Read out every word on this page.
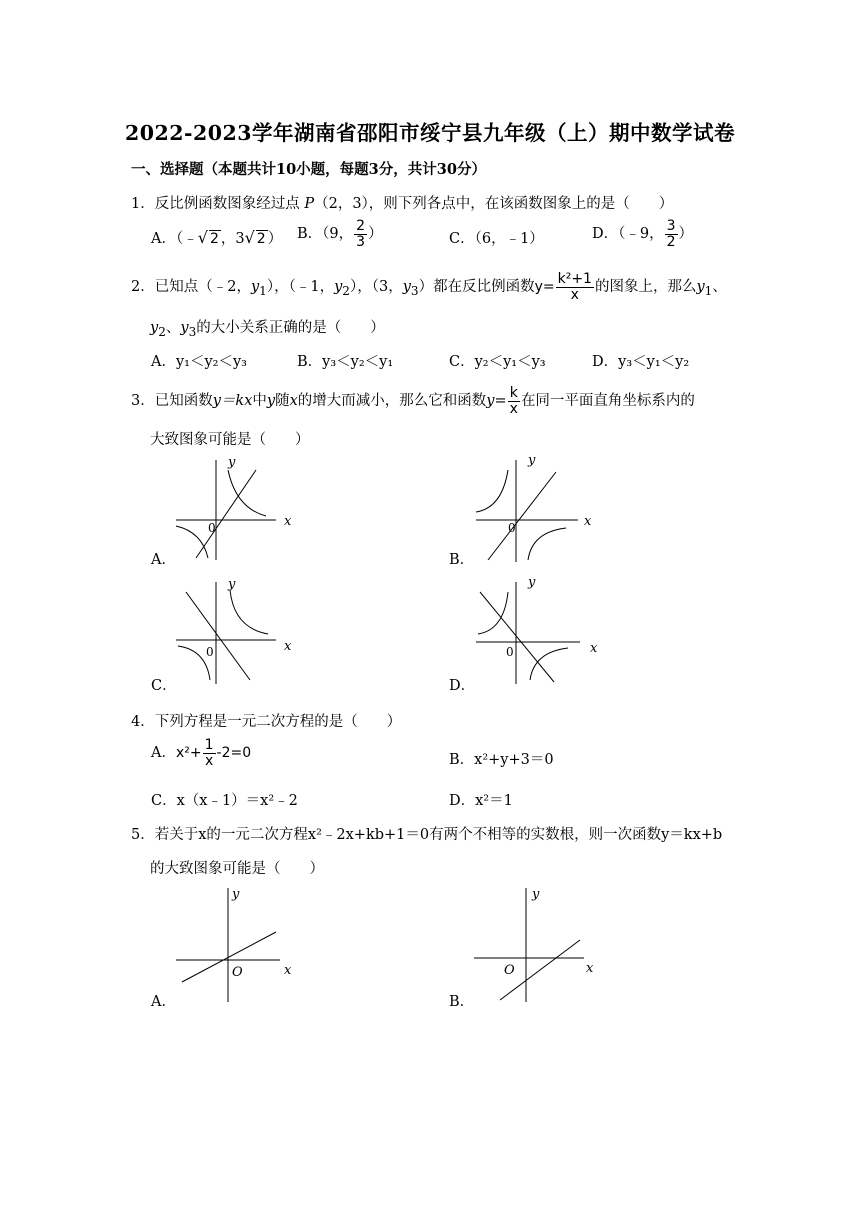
2022-2023学年湖南省邵阳市绥宁县九年级（上）期中数学试卷
一、选择题（本题共计10小题，每题3分，共计30分）
1．反比例函数图象经过点 P（2，3），则下列各点中，在该函数图象上的是（　　）
A．（﹣√ 2 ，3√ 2 ） B．（9， $\frac{2}{3}$ ）	C．（6，﹣1）	D．（﹣9， $\frac{3}{2}$ ）
2．已知点（﹣2，$y_1$），（﹣1，$y_2$），（3，$y_3$）都在反比例函数$y= \frac{\text{k²+1}}{x}$ 的图象上，那么$y_1$、
$y_2$、$y_3$的大小关系正确的是（　　）
A．y₁＜y₂＜y₃	B．y₃＜y₂＜y₁	C．y₂＜y₁＜y₃	D．y₃＜y₁＜y₂
3．已知函数y＝kx中y随x的增大而减小，那么它和函数$y= \frac{k}{x}$ 在同一平面直角坐标系内的
大致图象可能是（　　）
x
y
0
A．
x
y
0
B．
x
y
0
C．
x
y
0
D．
4．下列方程是一元二次方程的是（　　）
A．$x^2+ \frac{1}{x} -2=0$	B．x²+y+3＝0
C．x（x﹣1）＝x²﹣2	D．x²＝1
5．若关于x的一元二次方程x²﹣2x+kb+1＝0有两个不相等的实数根，则一次函数y＝kx+b
的大致图象可能是（　　）
x
y
O
A．
x
y
O
B．
